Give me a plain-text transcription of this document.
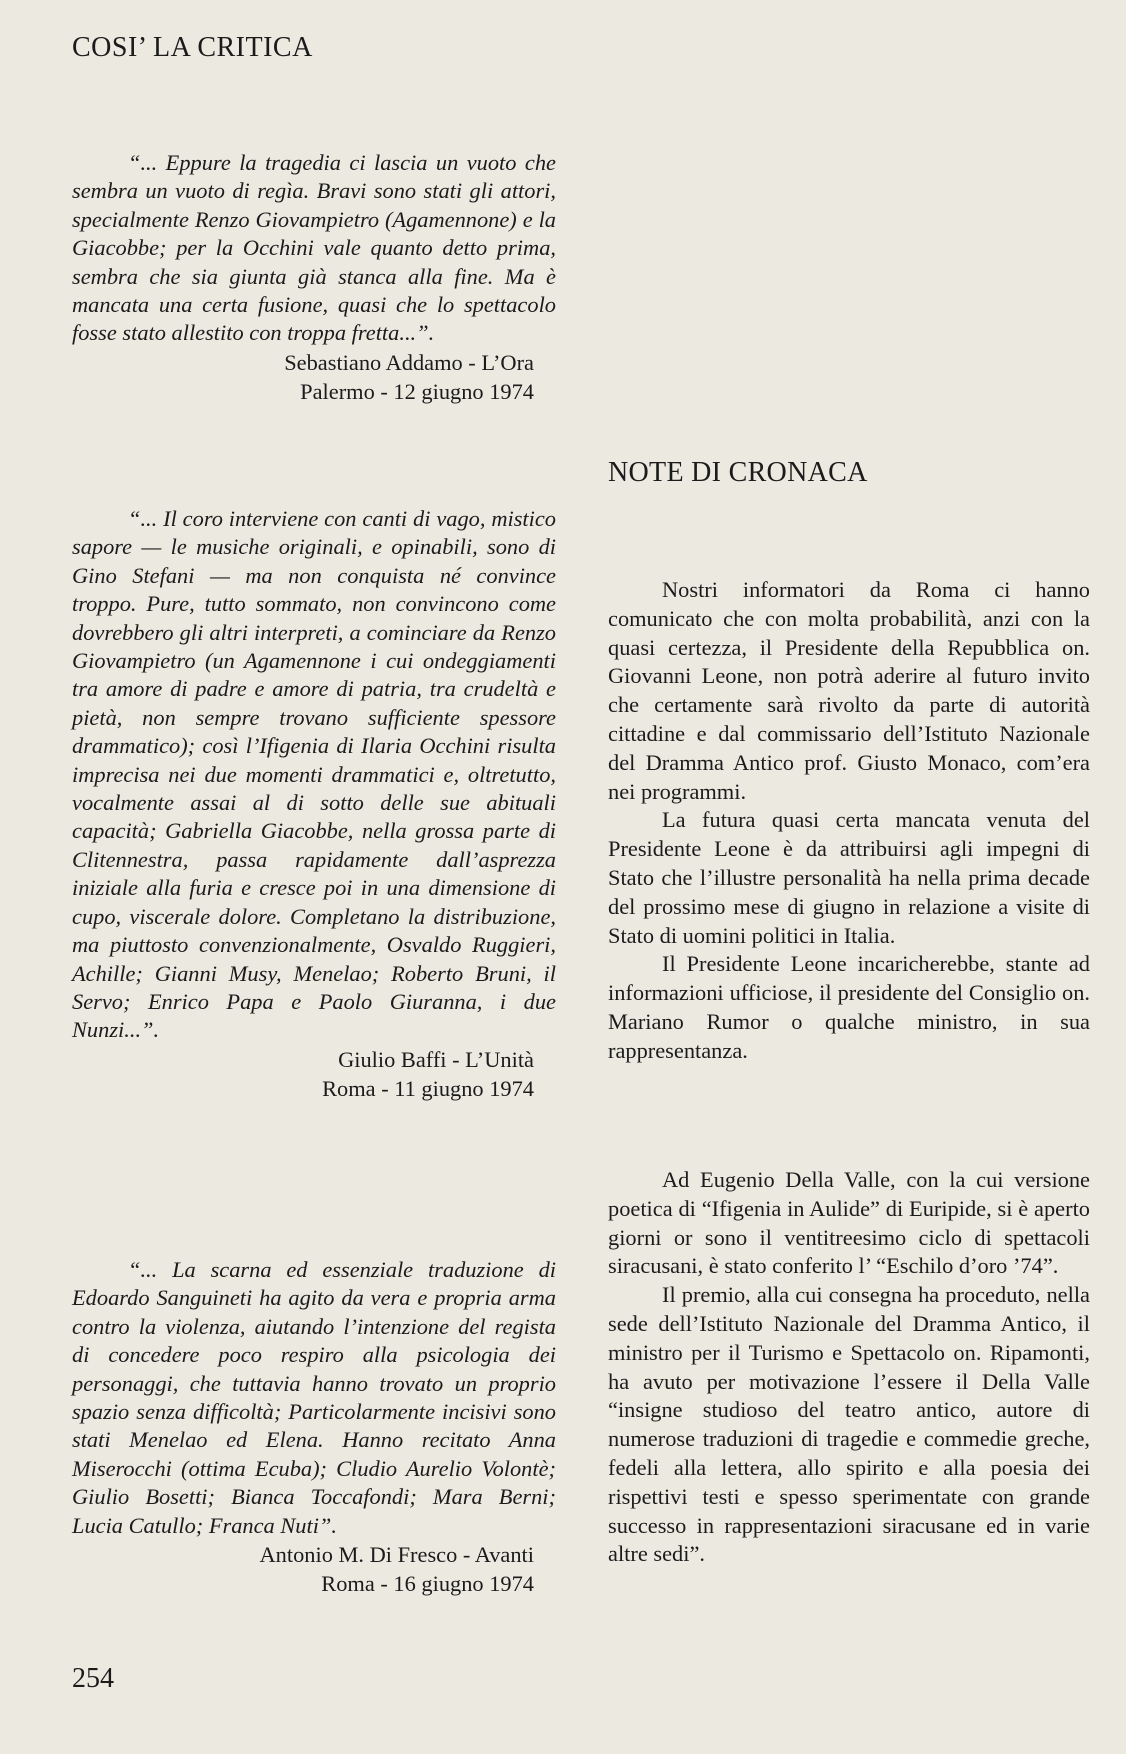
COSI’ LA CRITICA

“... Eppure la tragedia ci lascia un vuoto che sembra un vuoto di regìa. Bravi sono stati gli attori, specialmente Renzo Giovampietro (Agamennone) e la Giacobbe; per la Occhini vale quanto detto prima, sembra che sia giunta già stanca alla fine. Ma è mancata una certa fusione, quasi che lo spettacolo fosse stato allestito con troppa fretta...”.

Sebastiano Addamo - L’Ora
Palermo - 12 giugno 1974

“... Il coro interviene con canti di vago, mistico sapore — le musiche originali, e opinabili, sono di Gino Stefani — ma non conquista né convince troppo. Pure, tutto sommato, non convincono come dovrebbero gli altri interpreti, a cominciare da Renzo Giovampietro (un Agamennone i cui ondeggiamenti tra amore di padre e amore di patria, tra crudeltà e pietà, non sempre trovano sufficiente spessore drammatico); così l’Ifigenia di Ilaria Occhini risulta imprecisa nei due momenti drammatici e, oltretutto, vocalmente assai al di sotto delle sue abituali capacità; Gabriella Giacobbe, nella grossa parte di Clitennestra, passa rapidamente dall’asprezza iniziale alla furia e cresce poi in una dimensione di cupo, viscerale dolore. Completano la distribuzione, ma piuttosto convenzionalmente, Osvaldo Ruggieri, Achille; Gianni Musy, Menelao; Roberto Bruni, il Servo; Enrico Papa e Paolo Giuranna, i due Nunzi...”.

Giulio Baffi - L’Unità
Roma - 11 giugno 1974

“... La scarna ed essenziale traduzione di Edoardo Sanguineti ha agito da vera e propria arma contro la violenza, aiutando l’intenzione del regista di concedere poco respiro alla psicologia dei personaggi, che tuttavia hanno trovato un proprio spazio senza difficoltà; Particolarmente incisivi sono stati Menelao ed Elena. Hanno recitato Anna Miserocchi (ottima Ecuba); Cludio Aurelio Volontè; Giulio Bosetti; Bianca Toccafondi; Mara Berni; Lucia Catullo; Franca Nuti”.

Antonio M. Di Fresco - Avanti
Roma - 16 giugno 1974
NOTE DI CRONACA

Nostri informatori da Roma ci hanno comunicato che con molta probabilità, anzi con la quasi certezza, il Presidente della Repubblica on. Giovanni Leone, non potrà aderire al futuro invito che certamente sarà rivolto da parte di autorità cittadine e dal commissario dell’Istituto Nazionale del Dramma Antico prof. Giusto Monaco, com’era nei programmi.

La futura quasi certa mancata venuta del Presidente Leone è da attribuirsi agli impegni di Stato che l’illustre personalità ha nella prima decade del prossimo mese di giugno in relazione a visite di Stato di uomini politici in Italia.

Il Presidente Leone incaricherebbe, stante ad informazioni ufficiose, il presidente del Consiglio on. Mariano Rumor o qualche ministro, in sua rappresentanza.

Ad Eugenio Della Valle, con la cui versione poetica di “Ifigenia in Aulide” di Euripide, si è aperto giorni or sono il ventitreesimo ciclo di spettacoli siracusani, è stato conferito l’ “Eschilo d’oro ’74”.

Il premio, alla cui consegna ha proceduto, nella sede dell’Istituto Nazionale del Dramma Antico, il ministro per il Turismo e Spettacolo on. Ripamonti, ha avuto per motivazione l’essere il Della Valle “insigne studioso del teatro antico, autore di numerose traduzioni di tragedie e commedie greche, fedeli alla lettera, allo spirito e alla poesia dei rispettivi testi e spesso sperimentate con grande successo in rappresentazioni siracusane ed in varie altre sedi”.

254
